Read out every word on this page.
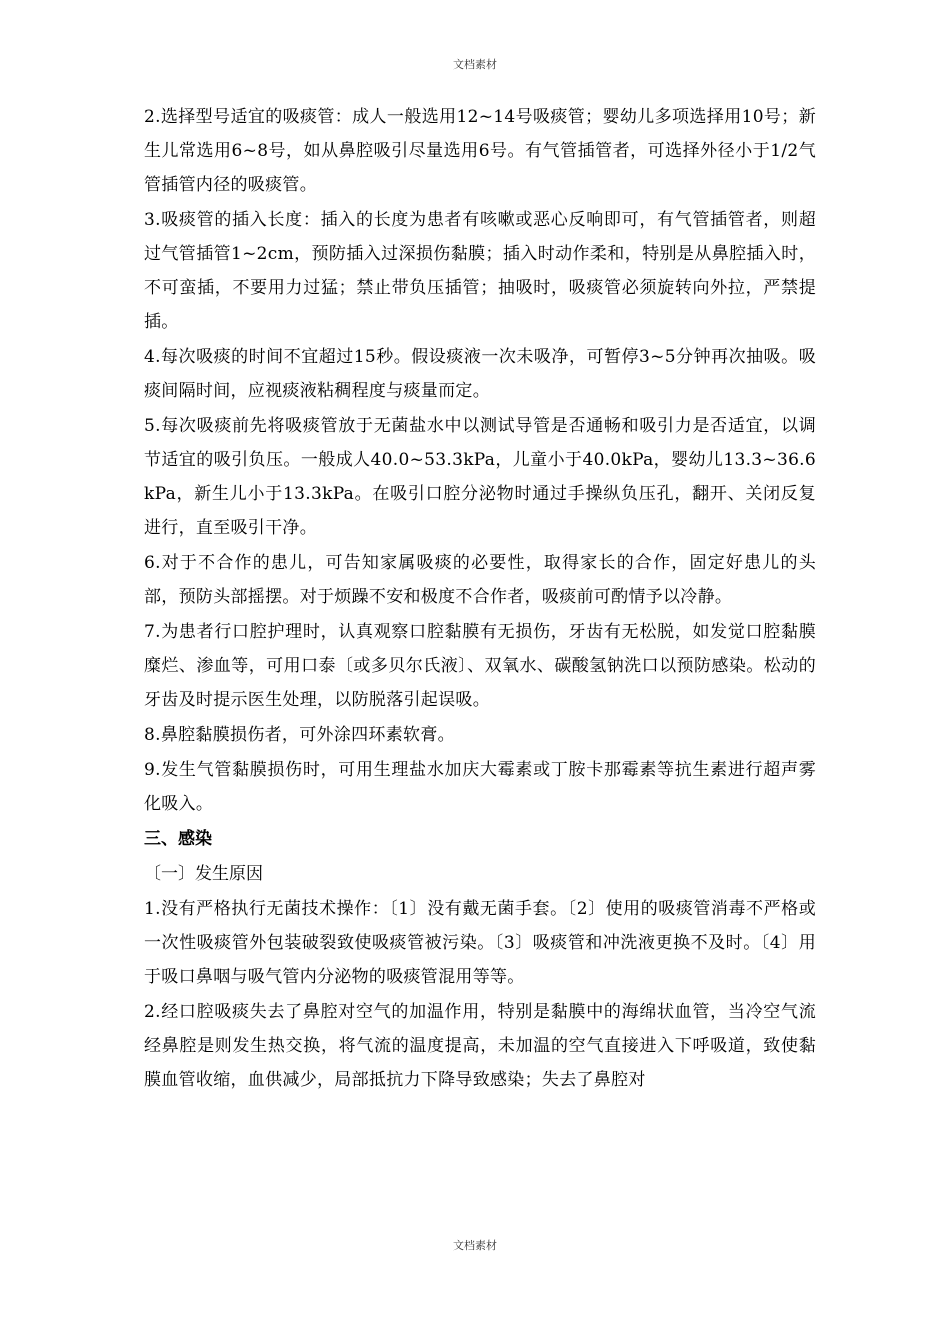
文档素材

2.选择型号适宜的吸痰管：成人一般选用12~14号吸痰管；婴幼儿多项选择用10号；新生儿常选用6~8号，如从鼻腔吸引尽量选用6号。有气管插管者，可选择外径小于1/2气管插管内径的吸痰管。

3.吸痰管的插入长度：插入的长度为患者有咳嗽或恶心反响即可，有气管插管者，则超过气管插管1~2cm，预防插入过深损伤黏膜；插入时动作柔和，特别是从鼻腔插入时，不可蛮插，不要用力过猛；禁止带负压插管；抽吸时，吸痰管必须旋转向外拉，严禁提插。

4.每次吸痰的时间不宜超过15秒。假设痰液一次未吸净，可暂停3~5分钟再次抽吸。吸痰间隔时间，应视痰液粘稠程度与痰量而定。

5.每次吸痰前先将吸痰管放于无菌盐水中以测试导管是否通畅和吸引力是否适宜，以调节适宜的吸引负压。一般成人40.0~53.3kPa，儿童小于40.0kPa，婴幼儿13.3~36.6kPa，新生儿小于13.3kPa。在吸引口腔分泌物时通过手操纵负压孔，翻开、关闭反复进行，直至吸引干净。

6.对于不合作的患儿，可告知家属吸痰的必要性，取得家长的合作，固定好患儿的头部，预防头部摇摆。对于烦躁不安和极度不合作者，吸痰前可酌情予以冷静。

7.为患者行口腔护理时，认真观察口腔黏膜有无损伤，牙齿有无松脱，如发觉口腔黏膜糜烂、渗血等，可用口泰〔或多贝尔氏液〕、双氧水、碳酸氢钠洗口以预防感染。松动的牙齿及时提示医生处理，以防脱落引起误吸。

8.鼻腔黏膜损伤者，可外涂四环素软膏。

9.发生气管黏膜损伤时，可用生理盐水加庆大霉素或丁胺卡那霉素等抗生素进行超声雾化吸入。

三、感染

〔一〕发生原因

1.没有严格执行无菌技术操作：〔1〕没有戴无菌手套。〔2〕使用的吸痰管消毒不严格或一次性吸痰管外包装破裂致使吸痰管被污染。〔3〕吸痰管和冲洗液更换不及时。〔4〕用于吸口鼻咽与吸气管内分泌物的吸痰管混用等等。

2.经口腔吸痰失去了鼻腔对空气的加温作用，特别是黏膜中的海绵状血管，当冷空气流经鼻腔是则发生热交换，将气流的温度提高，未加温的空气直接进入下呼吸道，致使黏膜血管收缩，血供减少，局部抵抗力下降导致感染；失去了鼻腔对

文档素材
